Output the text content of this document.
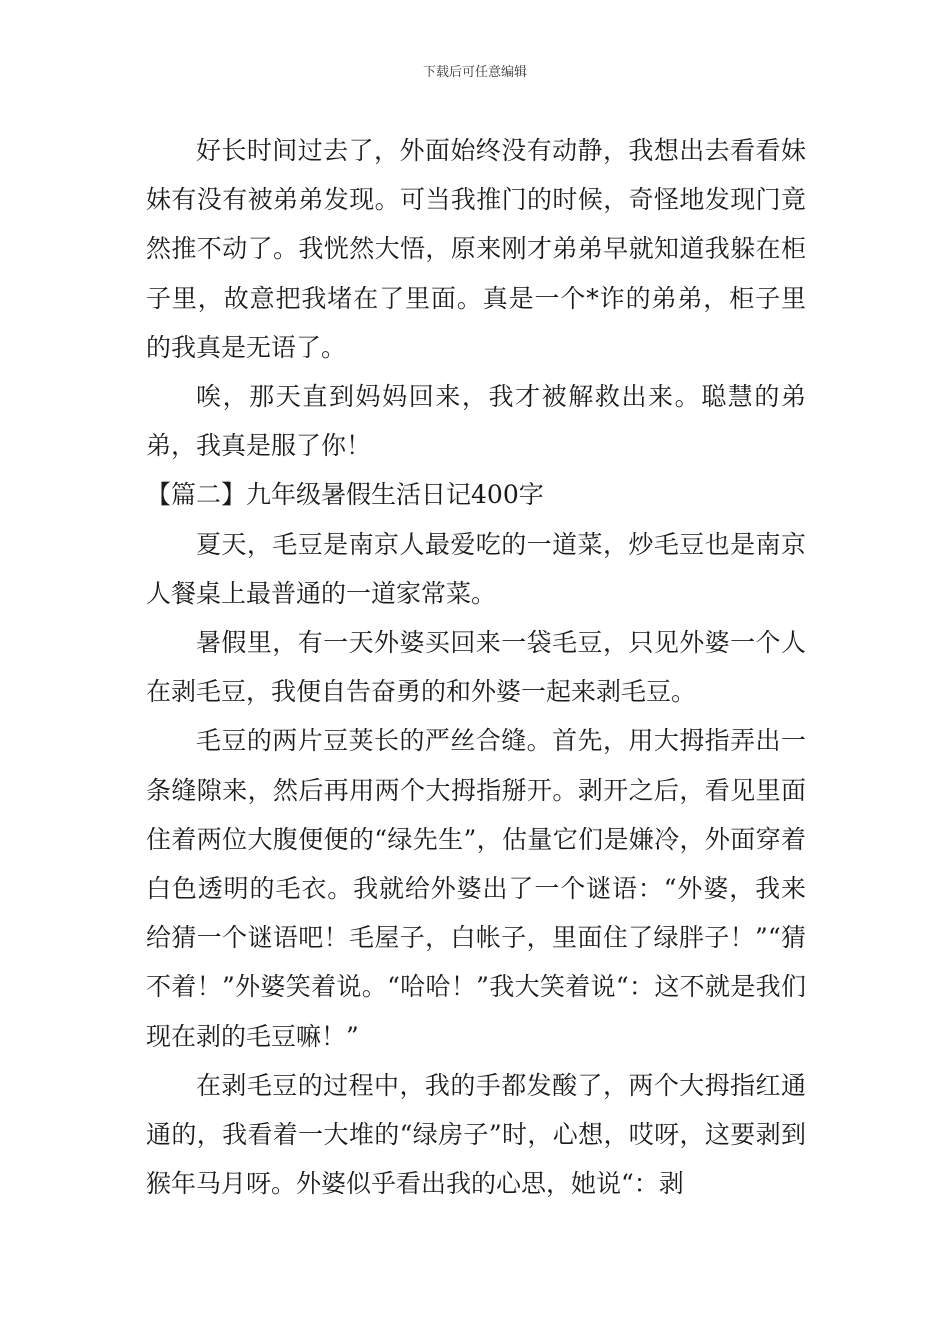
下载后可任意编辑

好长时间过去了，外面始终没有动静，我想出去看看妹妹有没有被弟弟发现。可当我推门的时候，奇怪地发现门竟然推不动了。我恍然大悟，原来刚才弟弟早就知道我躲在柜子里，故意把我堵在了里面。真是一个*诈的弟弟，柜子里的我真是无语了。

唉，那天直到妈妈回来，我才被解救出来。聪慧的弟弟，我真是服了你！

【篇二】九年级暑假生活日记400字

夏天，毛豆是南京人最爱吃的一道菜，炒毛豆也是南京人餐桌上最普通的一道家常菜。

暑假里，有一天外婆买回来一袋毛豆，只见外婆一个人在剥毛豆，我便自告奋勇的和外婆一起来剥毛豆。

毛豆的两片豆荚长的严丝合缝。首先，用大拇指弄出一条缝隙来，然后再用两个大拇指掰开。剥开之后，看见里面住着两位大腹便便的“绿先生”，估量它们是嫌冷，外面穿着白色透明的毛衣。我就给外婆出了一个谜语：“外婆，我来给猜一个谜语吧！毛屋子，白帐子，里面住了绿胖子！”“猜不着！”外婆笑着说。“哈哈！”我大笑着说“：这不就是我们现在剥的毛豆嘛！”

在剥毛豆的过程中，我的手都发酸了，两个大拇指红通通的，我看着一大堆的“绿房子”时，心想，哎呀，这要剥到猴年马月呀。外婆似乎看出我的心思，她说“：剥
